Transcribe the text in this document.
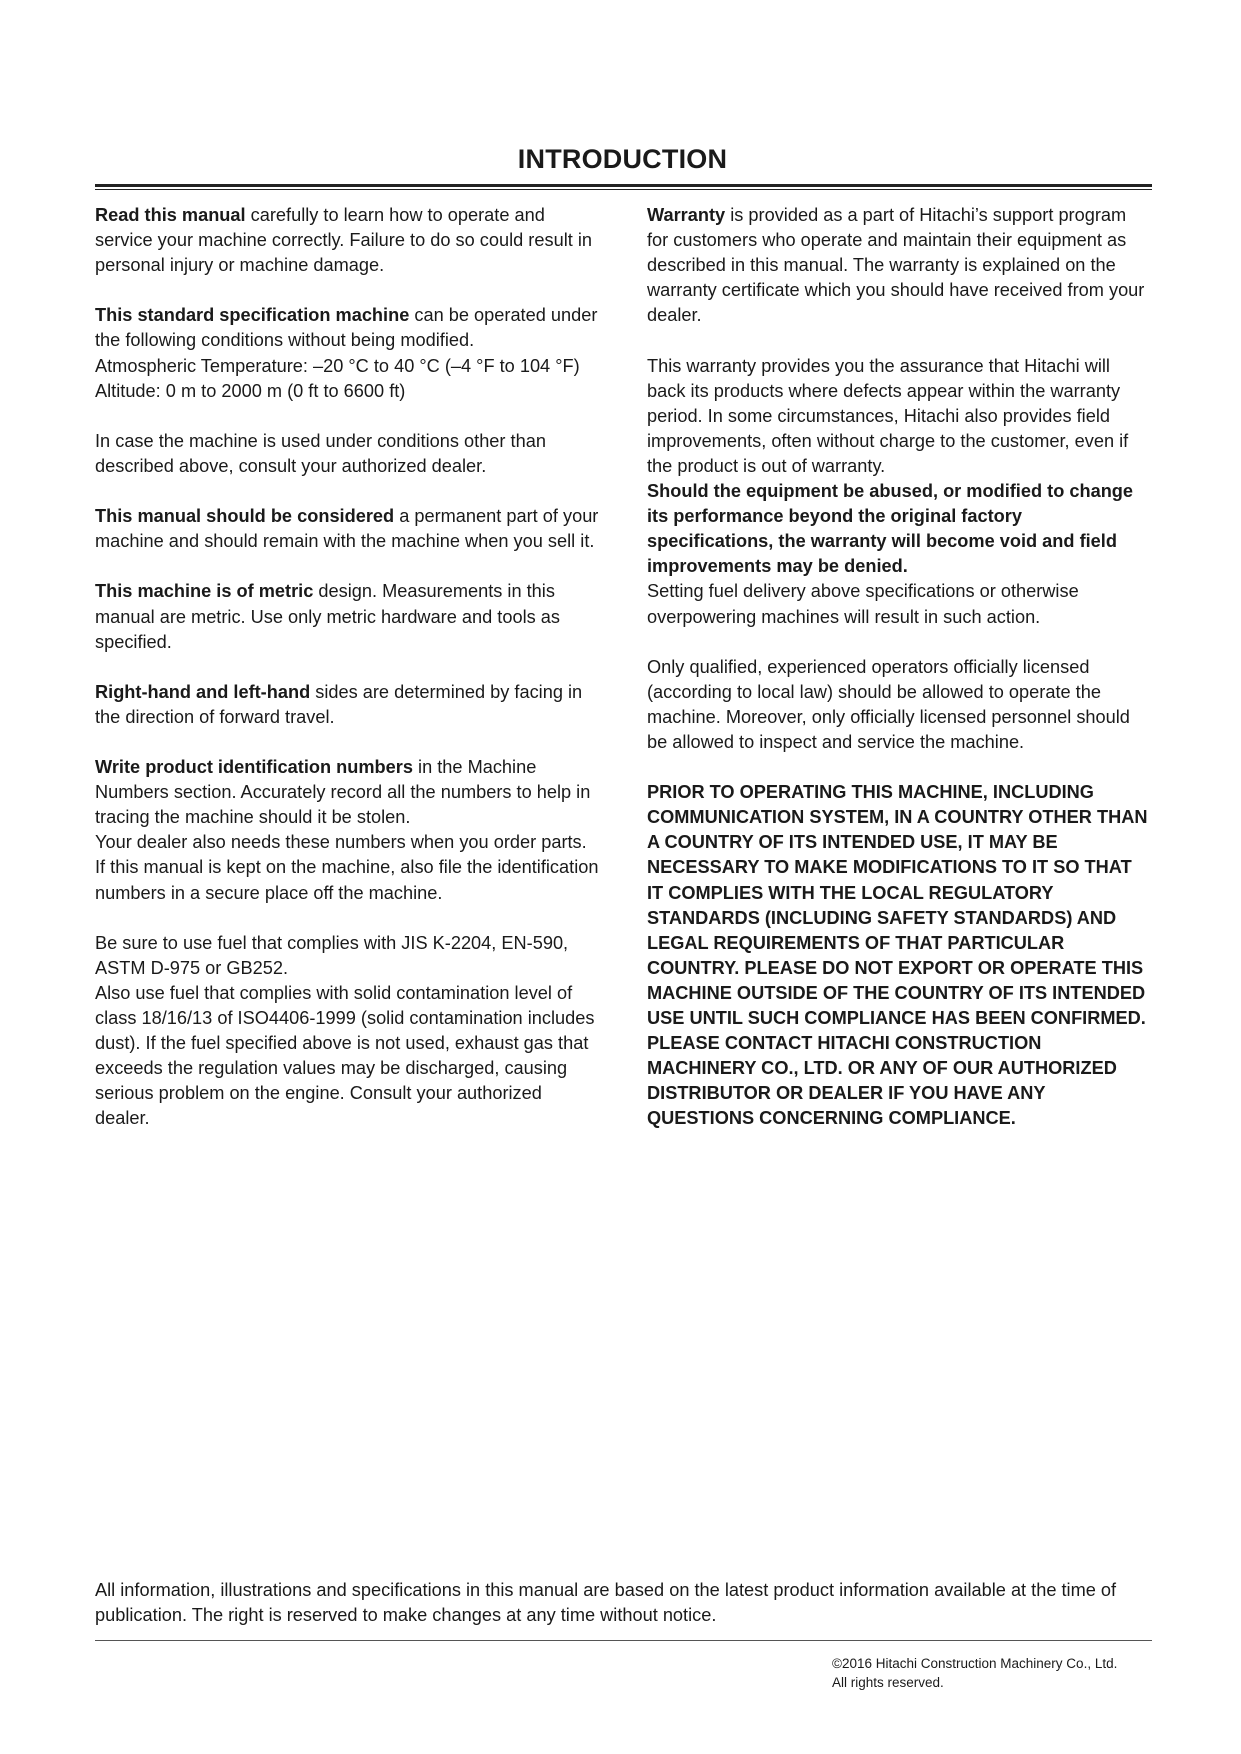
INTRODUCTION

Read this manual carefully to learn how to operate and service your machine correctly. Failure to do so could result in personal injury or machine damage.

This standard specification machine can be operated under the following conditions without being modified.
Atmospheric Temperature: –20 °C to 40 °C (–4 °F to 104 °F)
Altitude: 0 m to 2000 m (0 ft to 6600 ft)

In case the machine is used under conditions other than described above, consult your authorized dealer.

This manual should be considered a permanent part of your machine and should remain with the machine when you sell it.

This machine is of metric design. Measurements in this manual are metric. Use only metric hardware and tools as specified.

Right-hand and left-hand sides are determined by facing in the direction of forward travel.

Write product identification numbers in the Machine Numbers section. Accurately record all the numbers to help in tracing the machine should it be stolen.
Your dealer also needs these numbers when you order parts. If this manual is kept on the machine, also file the identification numbers in a secure place off the machine.

Be sure to use fuel that complies with JIS K-2204, EN-590, ASTM D-975 or GB252.
Also use fuel that complies with solid contamination level of class 18/16/13 of ISO4406-1999 (solid contamination includes dust). If the fuel specified above is not used, exhaust gas that exceeds the regulation values may be discharged, causing serious problem on the engine. Consult your authorized dealer.

Warranty is provided as a part of Hitachi’s support program for customers who operate and maintain their equipment as described in this manual. The warranty is explained on the warranty certificate which you should have received from your dealer.

This warranty provides you the assurance that Hitachi will back its products where defects appear within the warranty period. In some circumstances, Hitachi also provides field improvements, often without charge to the customer, even if the product is out of warranty.
Should the equipment be abused, or modified to change its performance beyond the original factory specifications, the warranty will become void and field improvements may be denied.
Setting fuel delivery above specifications or otherwise overpowering machines will result in such action.

Only qualified, experienced operators officially licensed (according to local law) should be allowed to operate the machine. Moreover, only officially licensed personnel should be allowed to inspect and service the machine.

PRIOR TO OPERATING THIS MACHINE, INCLUDING COMMUNICATION SYSTEM, IN A COUNTRY OTHER THAN A COUNTRY OF ITS INTENDED USE, IT MAY BE NECESSARY TO MAKE MODIFICATIONS TO IT SO THAT IT COMPLIES WITH THE LOCAL REGULATORY STANDARDS (INCLUDING SAFETY STANDARDS) AND LEGAL REQUIREMENTS OF THAT PARTICULAR COUNTRY. PLEASE DO NOT EXPORT OR OPERATE THIS MACHINE OUTSIDE OF THE COUNTRY OF ITS INTENDED USE UNTIL SUCH COMPLIANCE HAS BEEN CONFIRMED. PLEASE CONTACT HITACHI CONSTRUCTION MACHINERY CO., LTD. OR ANY OF OUR AUTHORIZED DISTRIBUTOR OR DEALER IF YOU HAVE ANY QUESTIONS CONCERNING COMPLIANCE.

All information, illustrations and specifications in this manual are based on the latest product information available at the time of publication. The right is reserved to make changes at any time without notice.
©2016 Hitachi Construction Machinery Co., Ltd.
All rights reserved.
